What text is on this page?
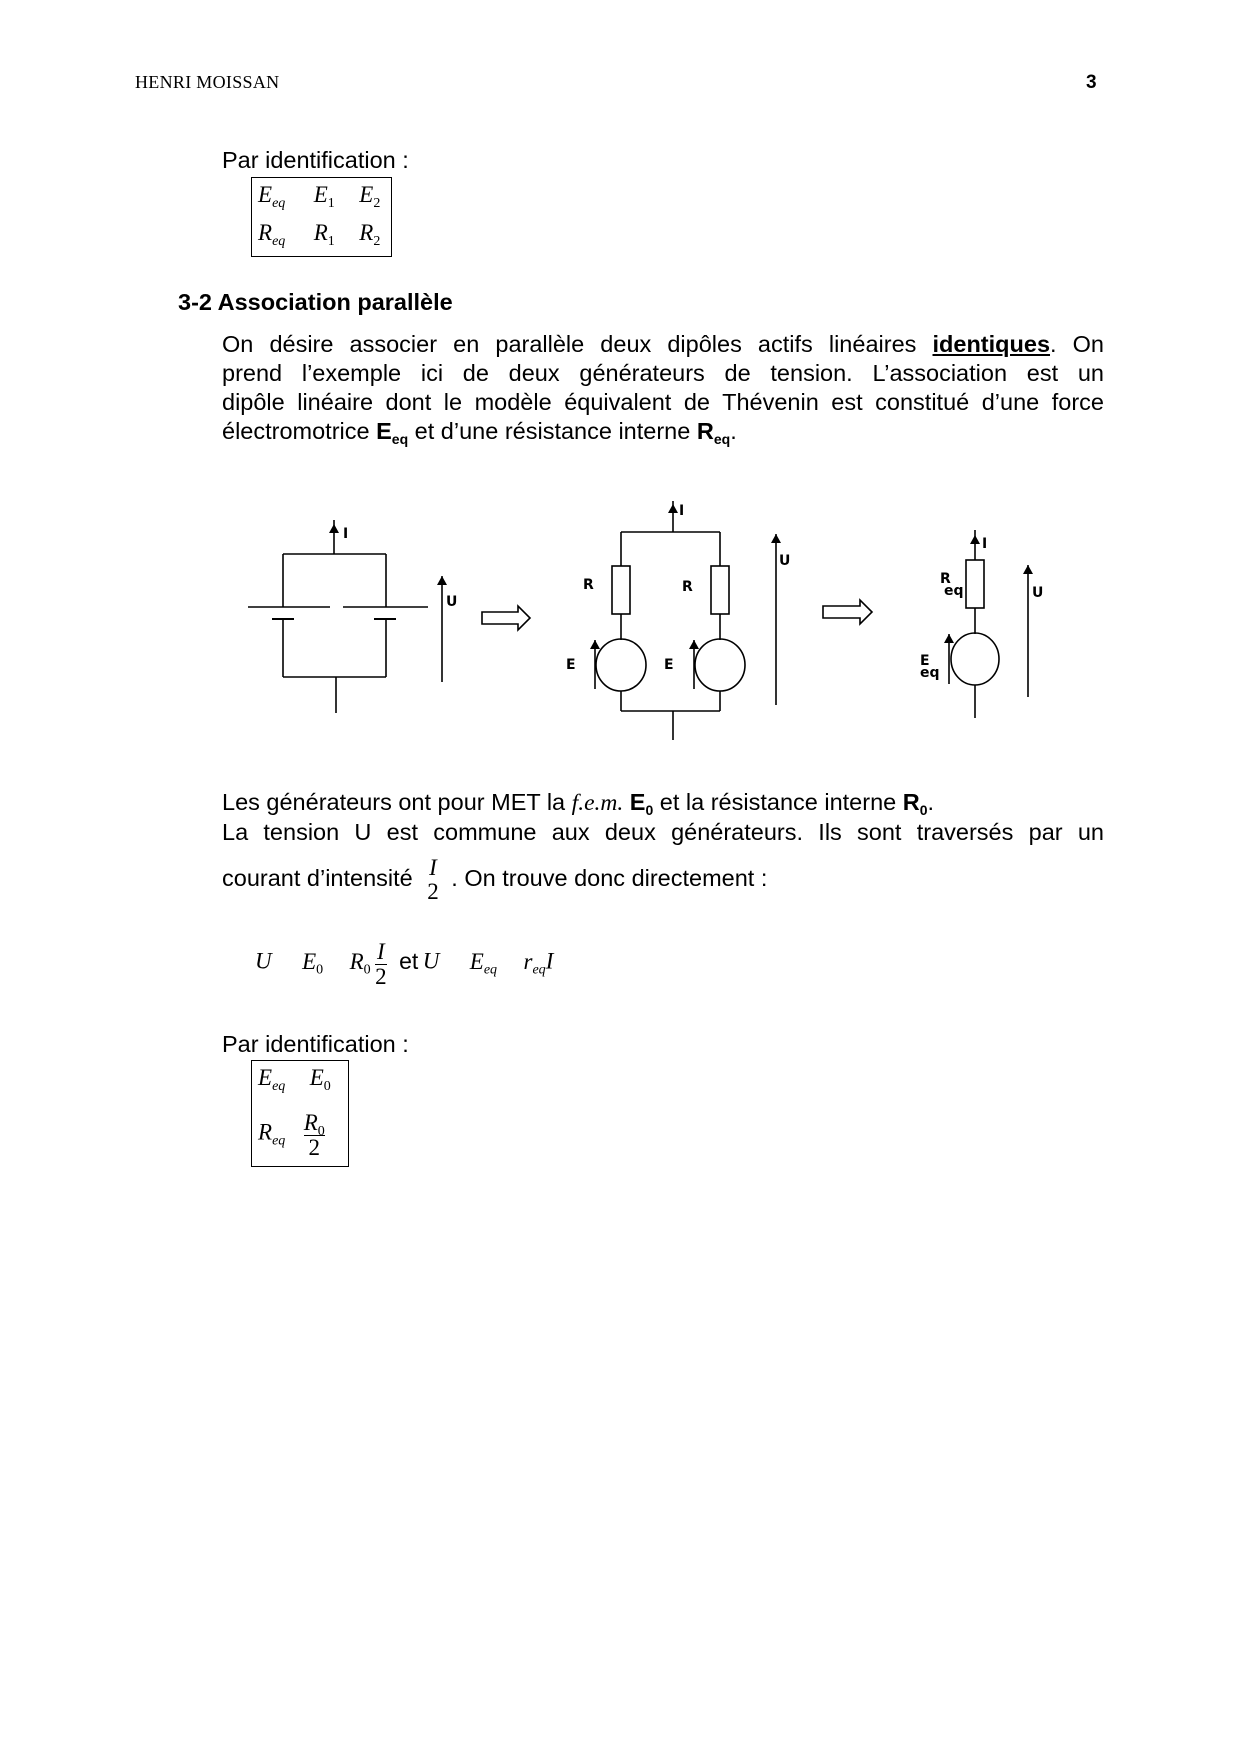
HENRI MOISSAN	3
Par identification :
$E_{eq}$ $E_1$ $E_2$
$R_{eq}$ $R_1$ $R_2$
3-2 Association parallèle
On désire associer en parallèle deux dipôles actifs linéaires identiques. On
prend l’exemple ici de deux générateurs de tension. L’association est un
dipôle linéaire dont le modèle équivalent de Thévenin est constitué d’une force
électromotrice $E_{eq}$ et d’une résistance interne $R_{eq}$.
I
U
I
U
R	R
E	E
I
U
R
eq
E
eq
Les générateurs ont pour MET la f.e.m. $E_0$ et la résistance interne $R_0$.
La tension U est commune aux deux générateurs. Ils sont traversés par un
courant d’intensité I
2
. On trouve donc directement :
U $E_0$ $R_0 \frac{I}{2}$ et U $E_{eq}$ $r_{eq}I$
Par identification :
$E_{eq}$ $E_0$
$R_{eq} \frac{R_0}{2}$
